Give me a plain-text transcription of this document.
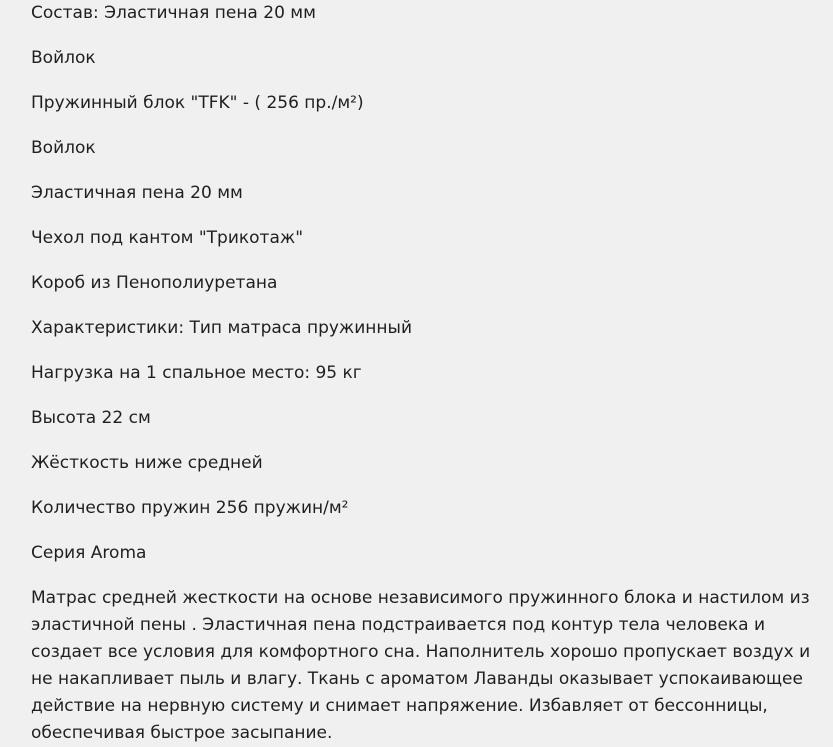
Состав: Эластичная пена 20 мм

Войлок

Пружинный блок "TFK" - ( 256 пр./м²)

Войлок

Эластичная пена 20 мм

Чехол под кантом "Трикотаж"

Короб из Пенополиуретана

Характеристики: Тип матраса пружинный

Нагрузка на 1 спальное место: 95 кг

Высота 22 см

Жёсткость ниже средней

Количество пружин 256 пружин/м²

Серия Aroma

Матрас средней жесткости на основе независимого пружинного блока и настилом из эластичной пены . Эластичная пена подстраивается под контур тела человека и создает все условия для комфортного сна. Наполнитель хорошо пропускает воздух и не накапливает пыль и влагу. Ткань с ароматом Лаванды оказывает успокаивающее действие на нервную систему и снимает напряжение. Избавляет от бессонницы, обеспечивая быстрое засыпание.
